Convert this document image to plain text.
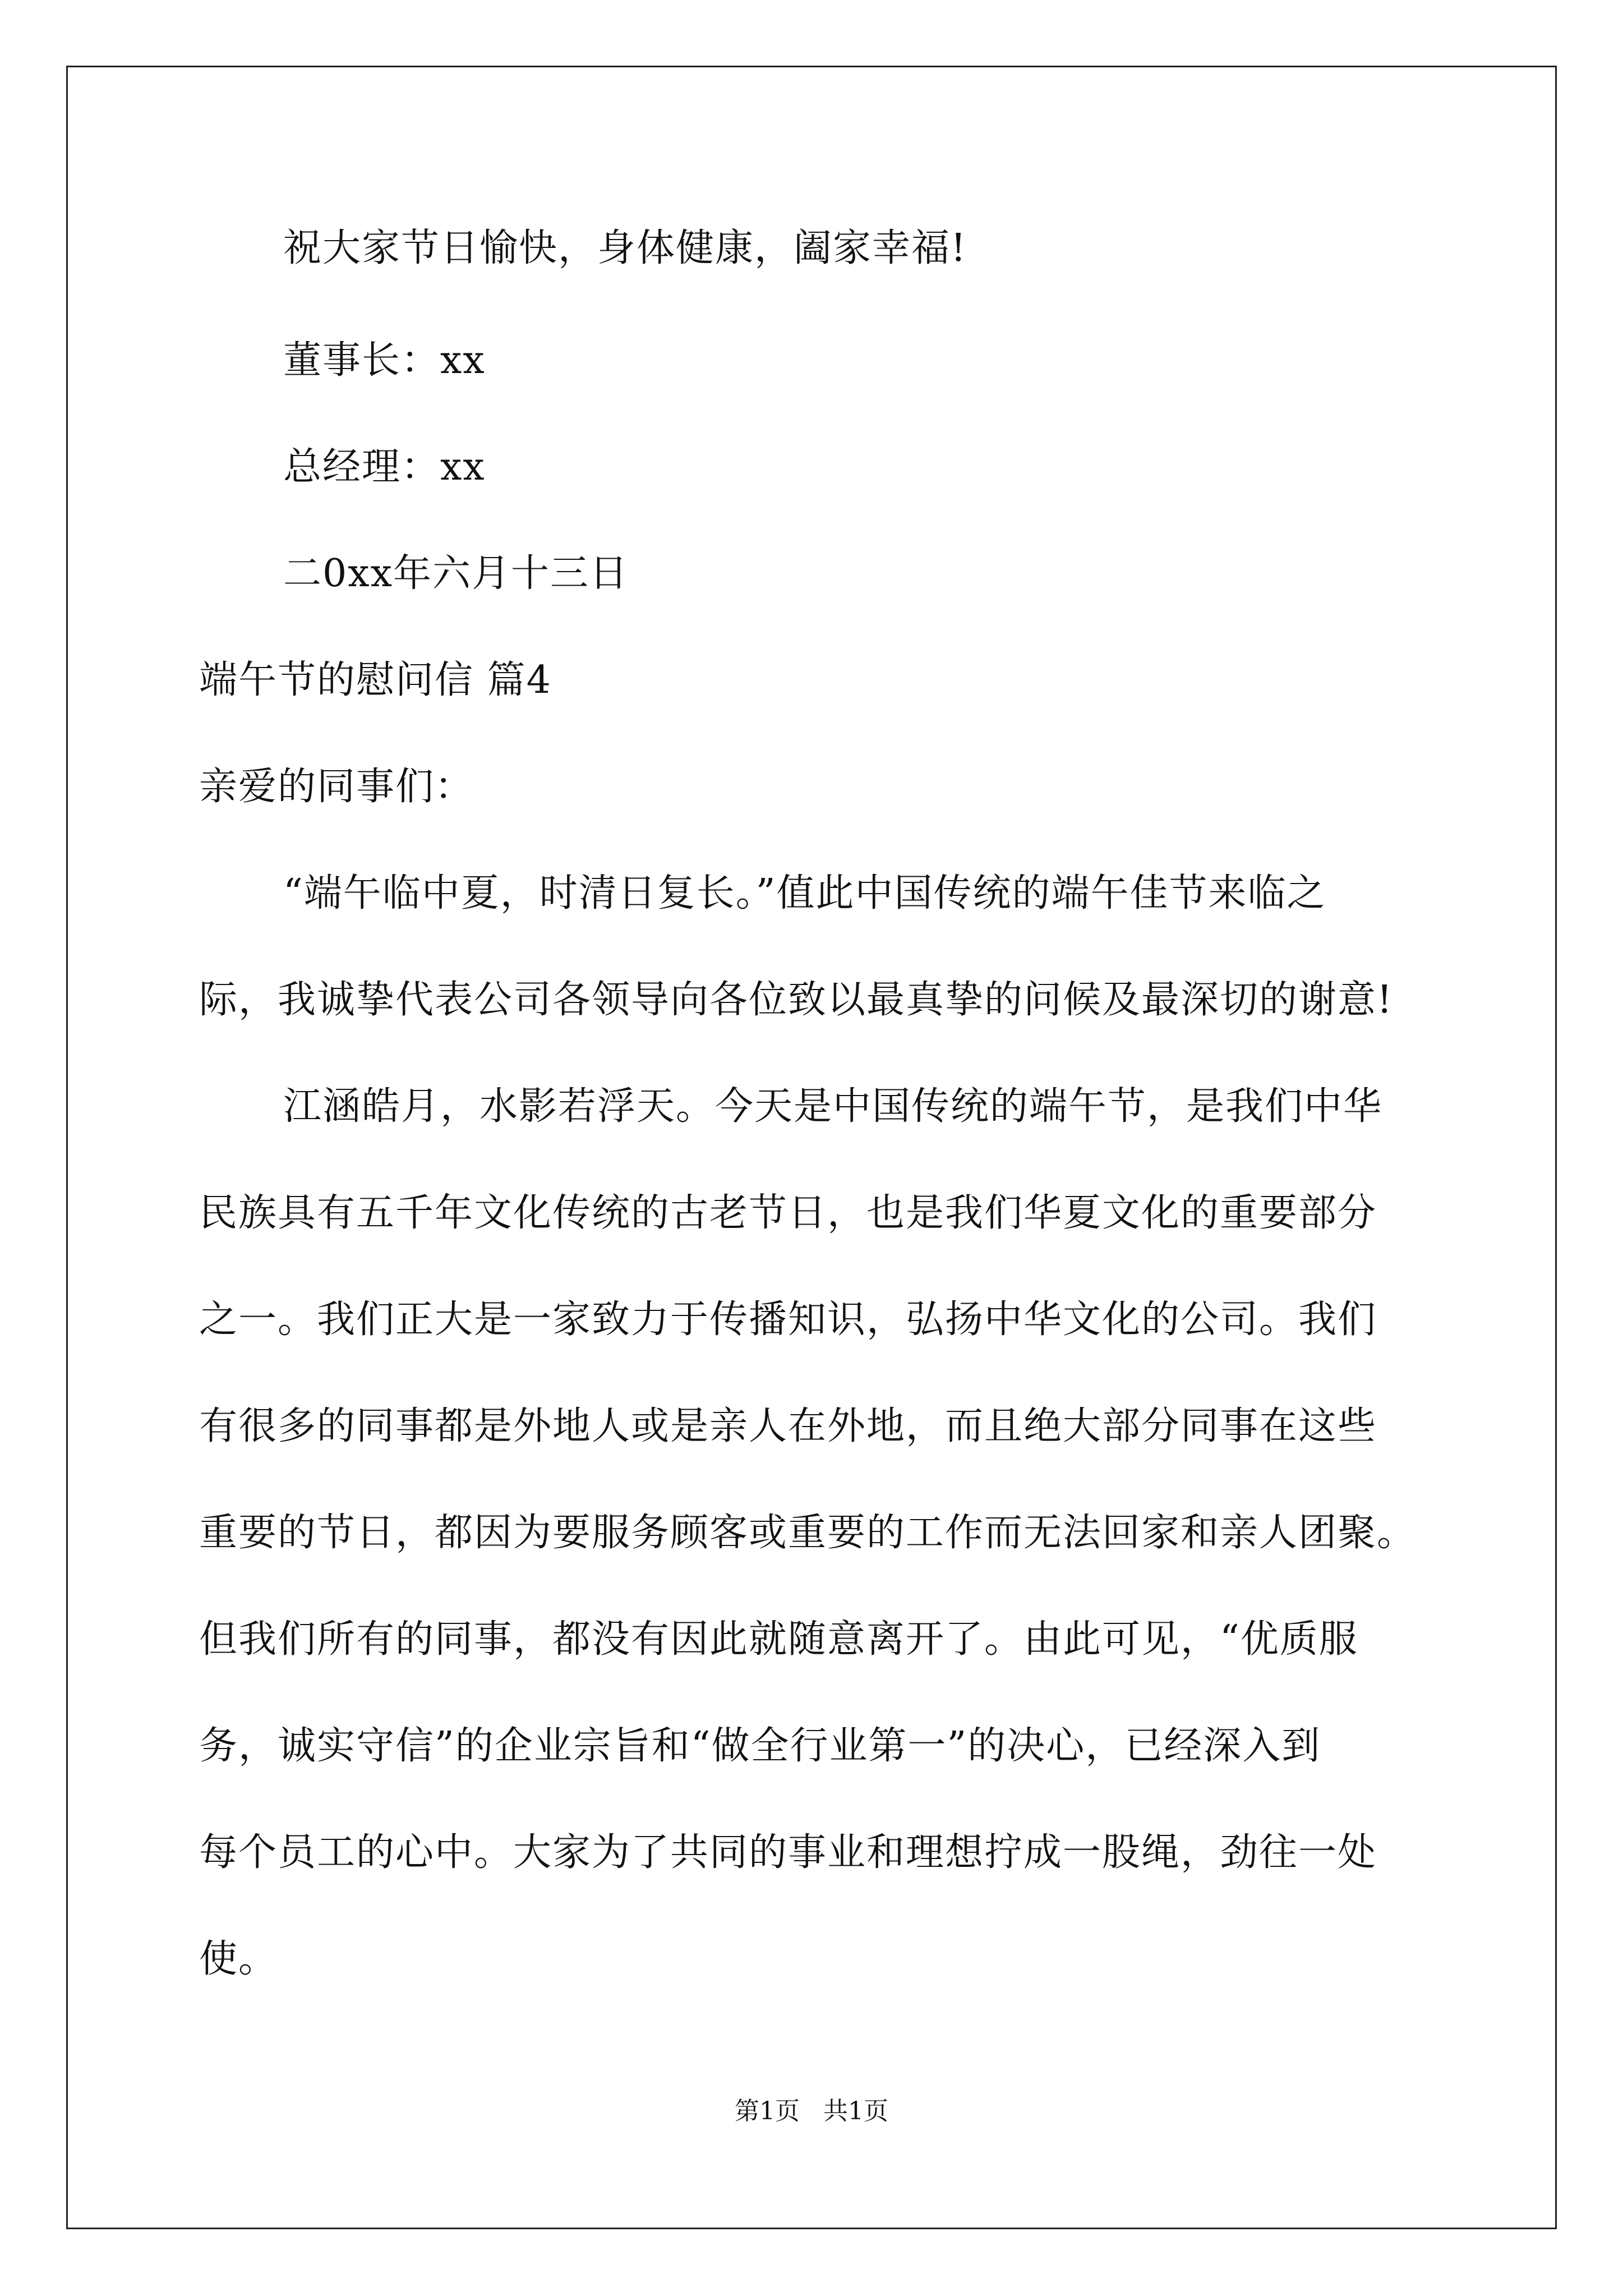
祝大家节日愉快，身体健康，阖家幸福!
董事长：xx
总经理：xx
二0xx年六月十三日
端午节的慰问信 篇4
亲爱的同事们：
“端午临中夏，时清日复长。”值此中国传统的端午佳节来临之
际，我诚挚代表公司各领导向各位致以最真挚的问候及最深切的谢意!
江涵皓月，水影若浮天。今天是中国传统的端午节，是我们中华
民族具有五千年文化传统的古老节日，也是我们华夏文化的重要部分
之一。我们正大是一家致力于传播知识，弘扬中华文化的公司。我们
有很多的同事都是外地人或是亲人在外地，而且绝大部分同事在这些
重要的节日，都因为要服务顾客或重要的工作而无法回家和亲人团聚。
但我们所有的同事，都没有因此就随意离开了。由此可见，“优质服
务，诚实守信”的企业宗旨和“做全行业第一”的决心，已经深入到
每个员工的心中。大家为了共同的事业和理想拧成一股绳，劲往一处
使。
第1页   共1页
